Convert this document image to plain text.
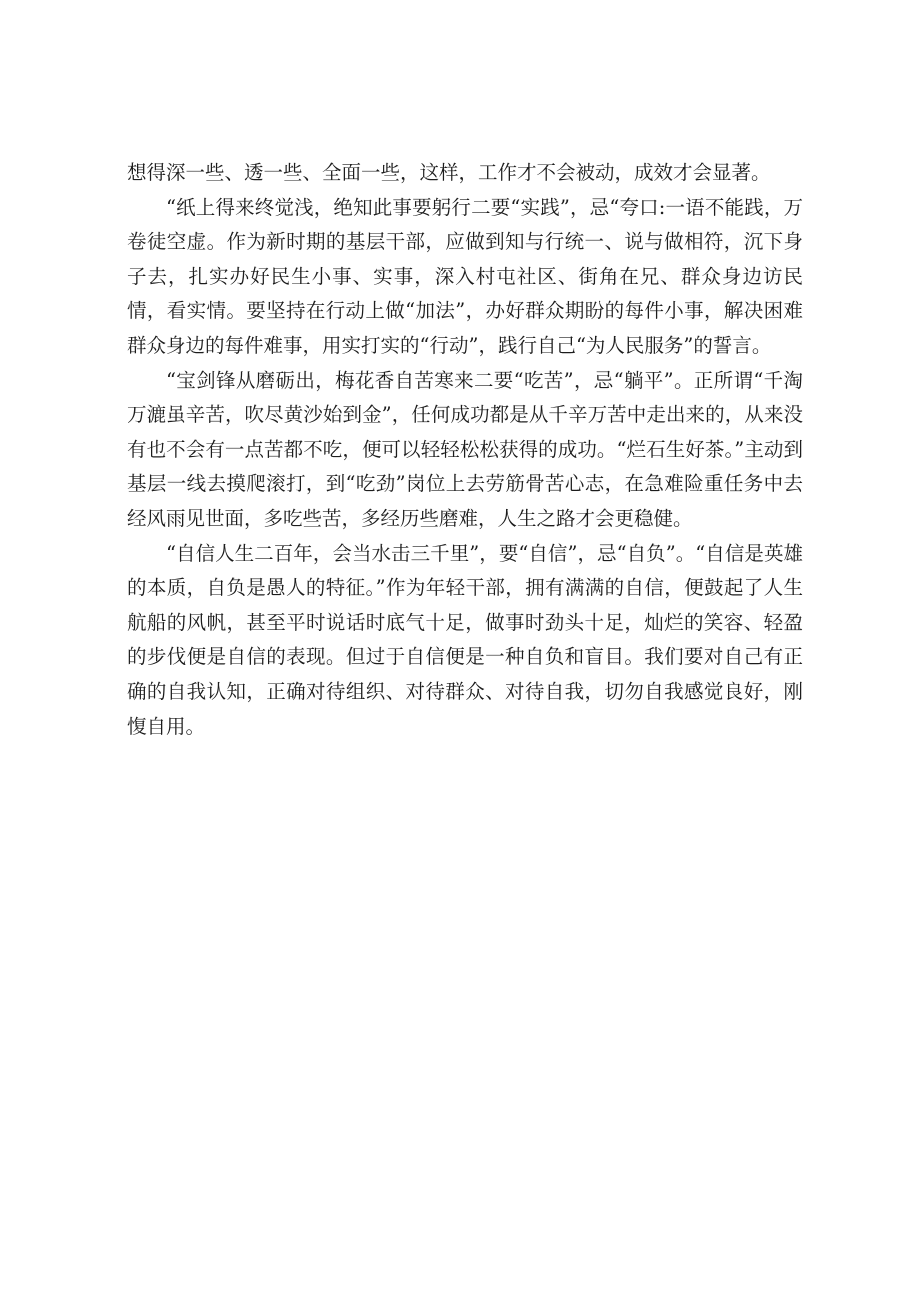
想得深一些、透一些、全面一些，这样，工作才不会被动，成效才会显著。

“纸上得来终觉浅，绝知此事要躬行二要“实践”，忌“夸口:一语不能践，万卷徒空虚。作为新时期的基层干部，应做到知与行统一、说与做相符，沉下身子去，扎实办好民生小事、实事，深入村屯社区、街角在兄、群众身边访民情，看实情。要坚持在行动上做“加法”，办好群众期盼的每件小事，解决困难群众身边的每件难事，用实打实的“行动”，践行自己“为人民服务”的誓言。

“宝剑锋从磨砺出，梅花香自苦寒来二要“吃苦”，忌“躺平”。正所谓“千淘万漉虽辛苦，吹尽黄沙始到金”，任何成功都是从千辛万苦中走出来的，从来没有也不会有一点苦都不吃，便可以轻轻松松获得的成功。“烂石生好茶。”主动到基层一线去摸爬滚打，到“吃劲”岗位上去劳筋骨苦心志，在急难险重任务中去经风雨见世面，多吃些苦，多经历些磨难，人生之路才会更稳健。

“自信人生二百年，会当水击三千里”，要“自信”，忌“自负”。“自信是英雄的本质，自负是愚人的特征。”作为年轻干部，拥有满满的自信，便鼓起了人生航船的风帆，甚至平时说话时底气十足，做事时劲头十足，灿烂的笑容、轻盈的步伐便是自信的表现。但过于自信便是一种自负和盲目。我们要对自己有正确的自我认知，正确对待组织、对待群众、对待自我，切勿自我感觉良好，刚愎自用。
